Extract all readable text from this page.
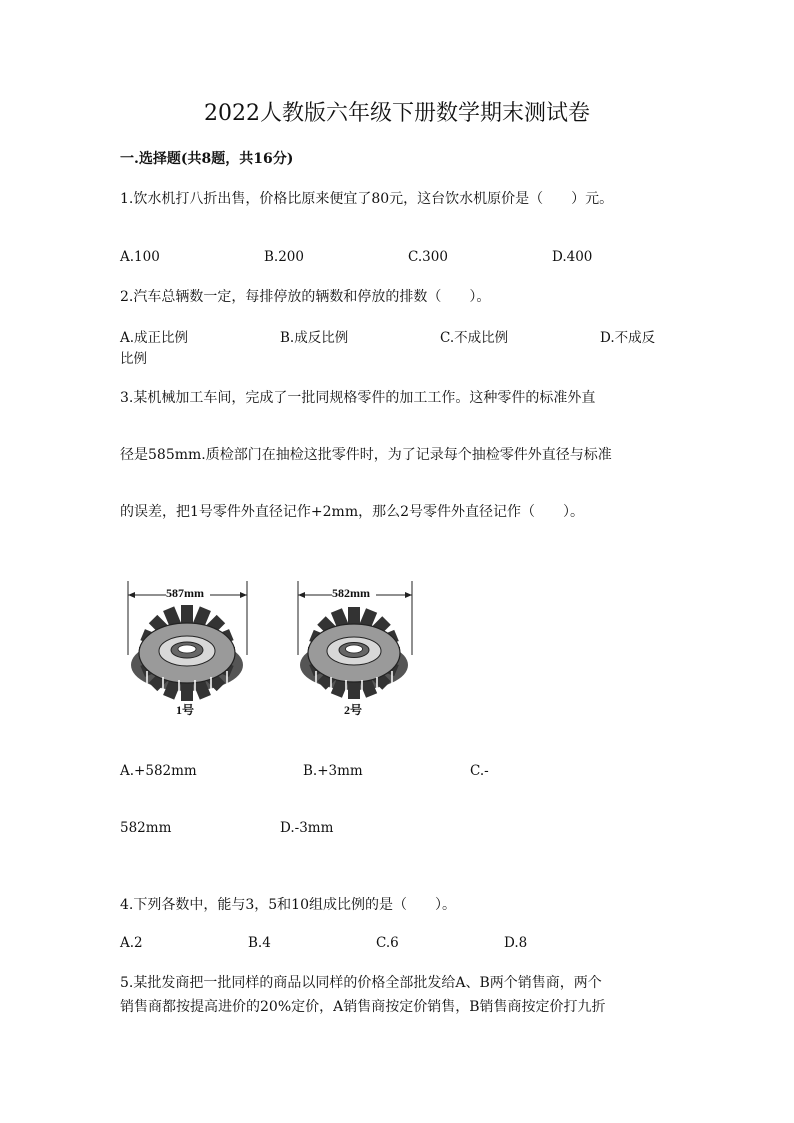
2022人教版六年级下册数学期末测试卷
一.选择题(共8题，共16分)
1.饮水机打八折出售，价格比原来便宜了80元，这台饮水机原价是（　　）元。
A.100	B.200	C.300	D.400
2.汽车总辆数一定，每排停放的辆数和停放的排数（　　）。
A.成正比例	B.成反比例	C.不成比例	D.不成反
比例
3.某机械加工车间，完成了一批同规格零件的加工工作。这种零件的标准外直
径是585mm.质检部门在抽检这批零件时，为了记录每个抽检零件外直径与标准
的误差，把1号零件外直径记作+2mm，那么2号零件外直径记作（　　）。
587mm
1号
582mm
2号
A.+582mm	B.+3mm	C.-
582mm	D.-3mm
4.下列各数中，能与3，5和10组成比例的是（　　）。
A.2	B.4	C.6	D.8
5.某批发商把一批同样的商品以同样的价格全部批发给A、B两个销售商，两个
销售商都按提高进价的20%定价，A销售商按定价销售，B销售商按定价打九折
